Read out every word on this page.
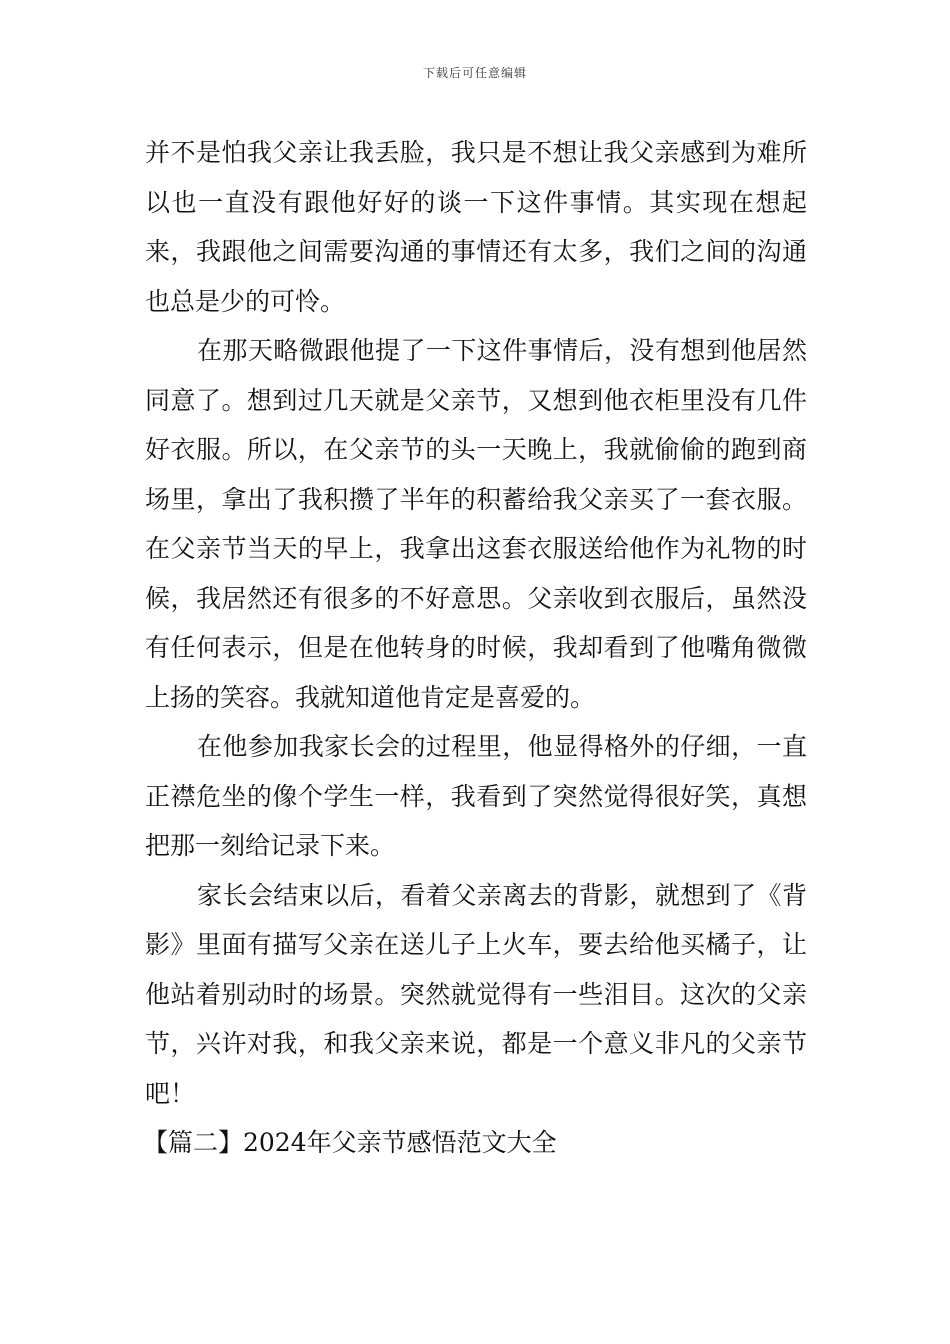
下载后可任意编辑

并不是怕我父亲让我丢脸，我只是不想让我父亲感到为难所以也一直没有跟他好好的谈一下这件事情。其实现在想起来，我跟他之间需要沟通的事情还有太多，我们之间的沟通也总是少的可怜。

在那天略微跟他提了一下这件事情后，没有想到他居然同意了。想到过几天就是父亲节，又想到他衣柜里没有几件好衣服。所以，在父亲节的头一天晚上，我就偷偷的跑到商场里，拿出了我积攒了半年的积蓄给我父亲买了一套衣服。在父亲节当天的早上，我拿出这套衣服送给他作为礼物的时候，我居然还有很多的不好意思。父亲收到衣服后，虽然没有任何表示，但是在他转身的时候，我却看到了他嘴角微微上扬的笑容。我就知道他肯定是喜爱的。

在他参加我家长会的过程里，他显得格外的仔细，一直正襟危坐的像个学生一样，我看到了突然觉得很好笑，真想把那一刻给记录下来。

家长会结束以后，看着父亲离去的背影，就想到了《背影》里面有描写父亲在送儿子上火车，要去给他买橘子，让他站着别动时的场景。突然就觉得有一些泪目。这次的父亲节，兴许对我，和我父亲来说，都是一个意义非凡的父亲节吧！

【篇二】2024年父亲节感悟范文大全
